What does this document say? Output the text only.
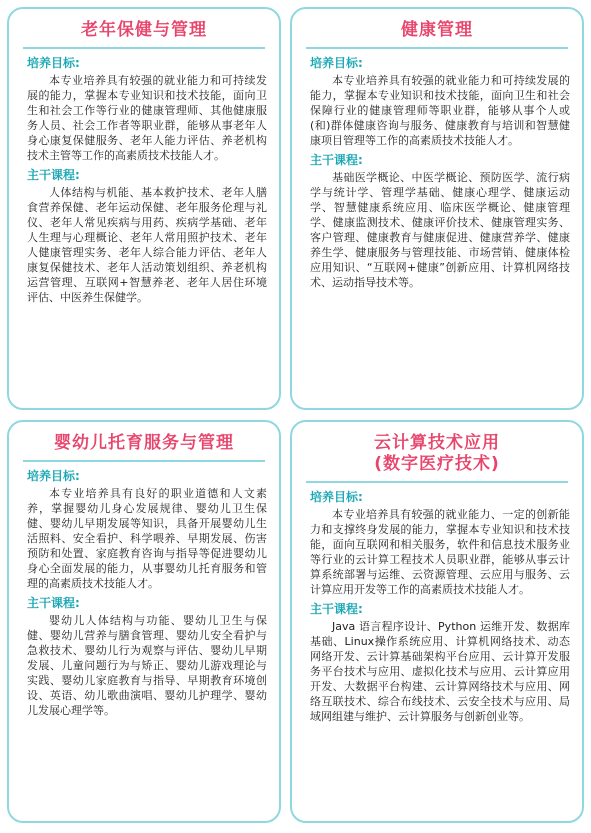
老年保健与管理
培养目标:

本专业培养具有较强的就业能力和可持续发展的能力，掌握本专业知识和技术技能，面向卫生和社会工作等行业的健康管理师、其他健康服务人员、社会工作者等职业群，能够从事老年人身心康复保健服务、老年人能力评估、养老机构技术主管等工作的高素质技术技能人才。

主干课程:

人体结构与机能、基本救护技术、老年人膳食营养保健、老年运动保健、老年服务伦理与礼仪、老年人常见疾病与用药、疾病学基础、老年人生理与心理概论、老年人常用照护技术、老年人健康管理实务、老年人综合能力评估、老年人康复保健技术、老年人活动策划组织、养老机构运营管理、互联网+智慧养老、老年人居住环境评估、中医养生保健学。

健康管理
培养目标:

本专业培养具有较强的就业能力和可持续发展的能力，掌握本专业知识和技术技能，面向卫生和社会保障行业的健康管理师等职业群，能够从事个人或(和)群体健康咨询与服务、健康教育与培训和智慧健康项目管理等工作的高素质技术技能人才。

主干课程:

基础医学概论、中医学概论、预防医学、流行病学与统计学、管理学基础、健康心理学、健康运动学、智慧健康系统应用、临床医学概论、健康管理学、健康监测技术、健康评价技术、健康管理实务、客户管理、健康教育与健康促进、健康营养学、健康养生学、健康服务与管理技能、市场营销、健康体检应用知识、“互联网+健康”创新应用、计算机网络技术、运动指导技术等。

婴幼儿托育服务与管理
培养目标:

本专业培养具有良好的职业道德和人文素养，掌握婴幼儿身心发展规律、婴幼儿卫生保健、婴幼儿早期发展等知识，具备开展婴幼儿生活照料、安全看护、科学喂养、早期发展、伤害预防和处置、家庭教育咨询与指导等促进婴幼儿身心全面发展的能力，从事婴幼儿托育服务和管理的高素质技术技能人才。

主干课程:

婴幼儿人体结构与功能、婴幼儿卫生与保健、婴幼儿营养与膳食管理、婴幼儿安全看护与急救技术、婴幼儿行为观察与评估、婴幼儿早期发展、儿童问题行为与矫正、婴幼儿游戏理论与实践、婴幼儿家庭教育与指导、早期教育环境创设、英语、幼儿歌曲演唱、婴幼儿护理学、婴幼儿发展心理学等。

云计算技术应用
(数字医疗技术)
培养目标:

本专业培养具有较强的就业能力、一定的创新能力和支撑终身发展的能力，掌握本专业知识和技术技能，面向互联网和相关服务，软件和信息技术服务业等行业的云计算工程技术人员职业群，能够从事云计算系统部署与运维、云资源管理、云应用与服务、云计算应用开发等工作的高素质技术技能人才。

主干课程:

Java 语言程序设计、Python 运维开发、数据库基础、Linux操作系统应用、计算机网络技术、动态网络开发、云计算基础架构平台应用、云计算开发服务平台技术与应用、虚拟化技术与应用、云计算应用开发、大数据平台构建、云计算网络技术与应用、网络互联技术、综合布线技术、云安全技术与应用、局域网组建与维护、云计算服务与创新创业等。
